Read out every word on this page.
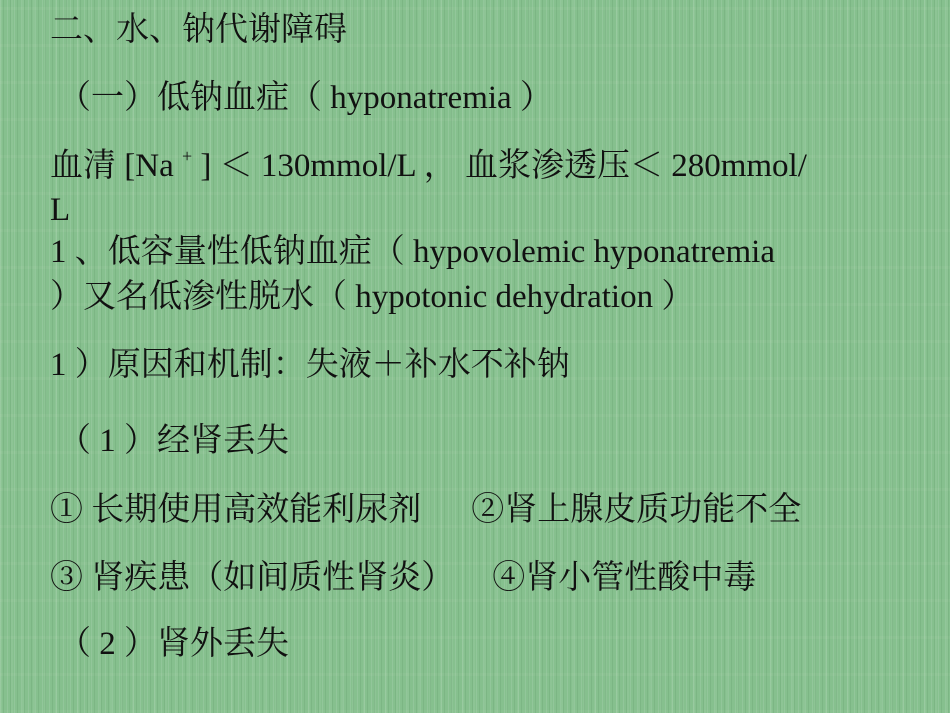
二、水、钠代谢障碍

（一）低钠血症（ hyponatremia ）

血清 [Na + ] ＜ 130mmol/L ， 血浆渗透压＜ 280mmol/

L

1 、低容量性低钠血症（ hypovolemic hyponatremia

）又名低渗性脱水（ hypotonic dehydration ）

1 ）原因和机制：失液＋补水不补钠

（ 1 ）经肾丢失

① 长期使用高效能利尿剂 ②肾上腺皮质功能不全

③ 肾疾患（如间质性肾炎） ④肾小管性酸中毒

（ 2 ）肾外丢失
